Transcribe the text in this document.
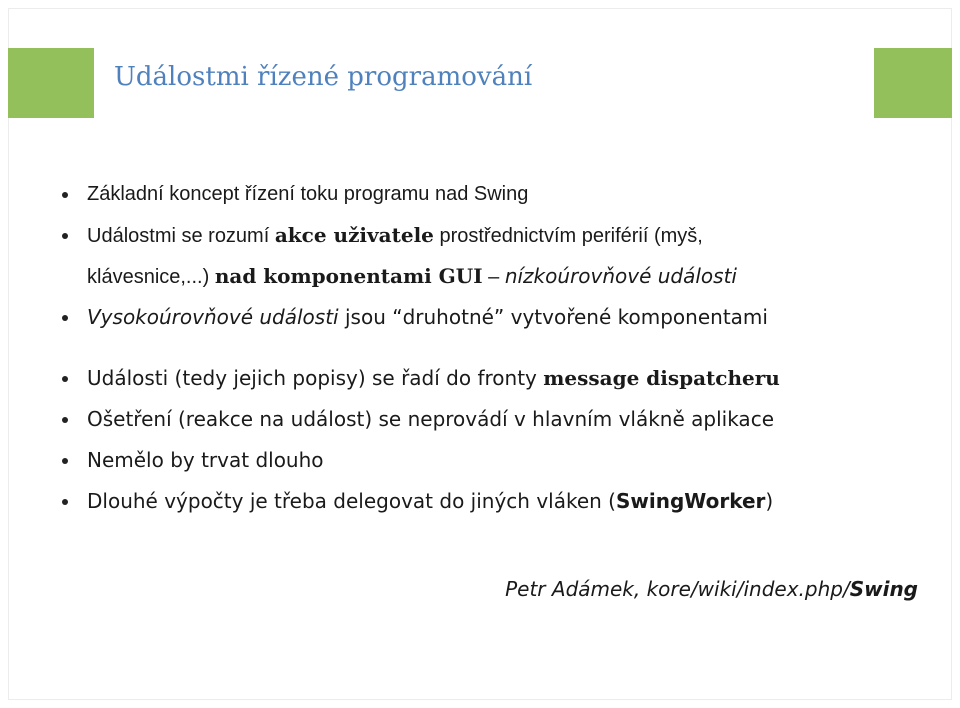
Událostmi řízené programování
Základní koncept řízení toku programu nad Swing
Událostmi se rozumí akce uživatele prostřednictvím periférií (myš,
klávesnice,...) nad komponentami GUI – nízkoúrovňové události
Vysokoúrovňové události jsou “druhotné” vytvořené komponentami
Události (tedy jejich popisy) se řadí do fronty message dispatcheru
Ošetření (reakce na událost) se neprovádí v hlavním vlákně aplikace
Nemělo by trvat dlouho
Dlouhé výpočty je třeba delegovat do jiných vláken (SwingWorker)
Petr Adámek, kore/wiki/index.php/Swing
